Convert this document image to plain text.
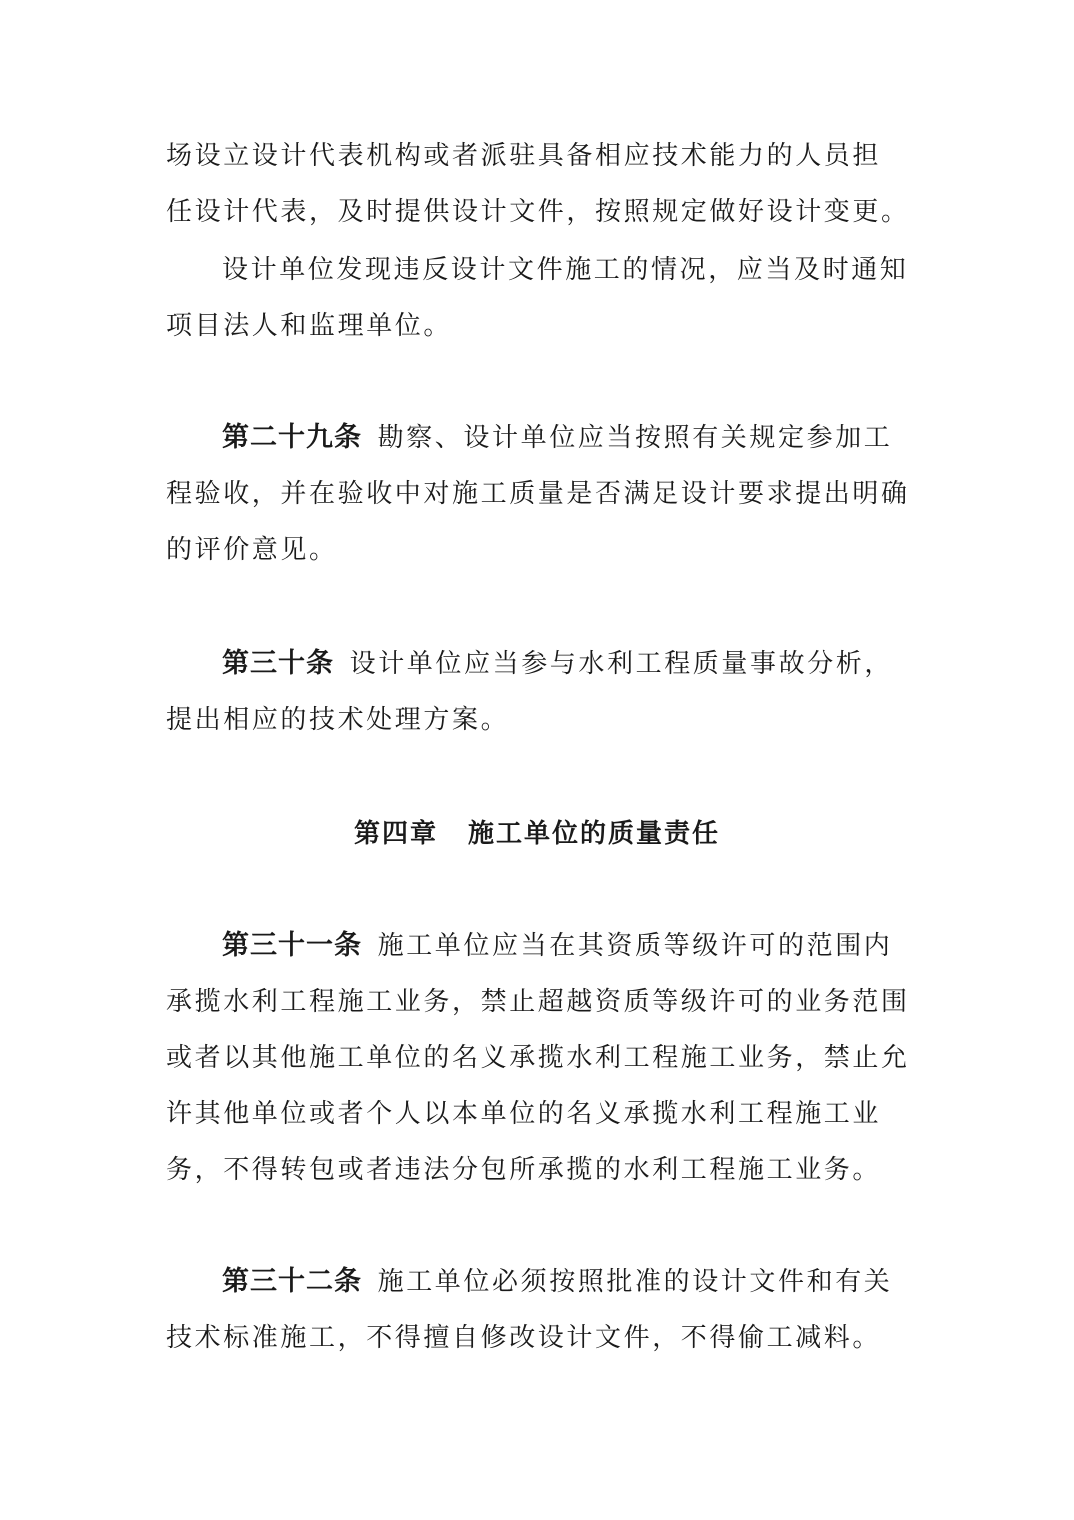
场设立设计代表机构或者派驻具备相应技术能力的人员担
任设计代表，及时提供设计文件，按照规定做好设计变更。
设计单位发现违反设计文件施工的情况，应当及时通知
项目法人和监理单位。
第二十九条  勘察、设计单位应当按照有关规定参加工
程验收，并在验收中对施工质量是否满足设计要求提出明确
的评价意见。
第三十条  设计单位应当参与水利工程质量事故分析，
提出相应的技术处理方案。
第四章 施工单位的质量责任
第三十一条  施工单位应当在其资质等级许可的范围内
承揽水利工程施工业务，禁止超越资质等级许可的业务范围
或者以其他施工单位的名义承揽水利工程施工业务，禁止允
许其他单位或者个人以本单位的名义承揽水利工程施工业
务，不得转包或者违法分包所承揽的水利工程施工业务。
第三十二条  施工单位必须按照批准的设计文件和有关
技术标准施工，不得擅自修改设计文件，不得偷工减料。
